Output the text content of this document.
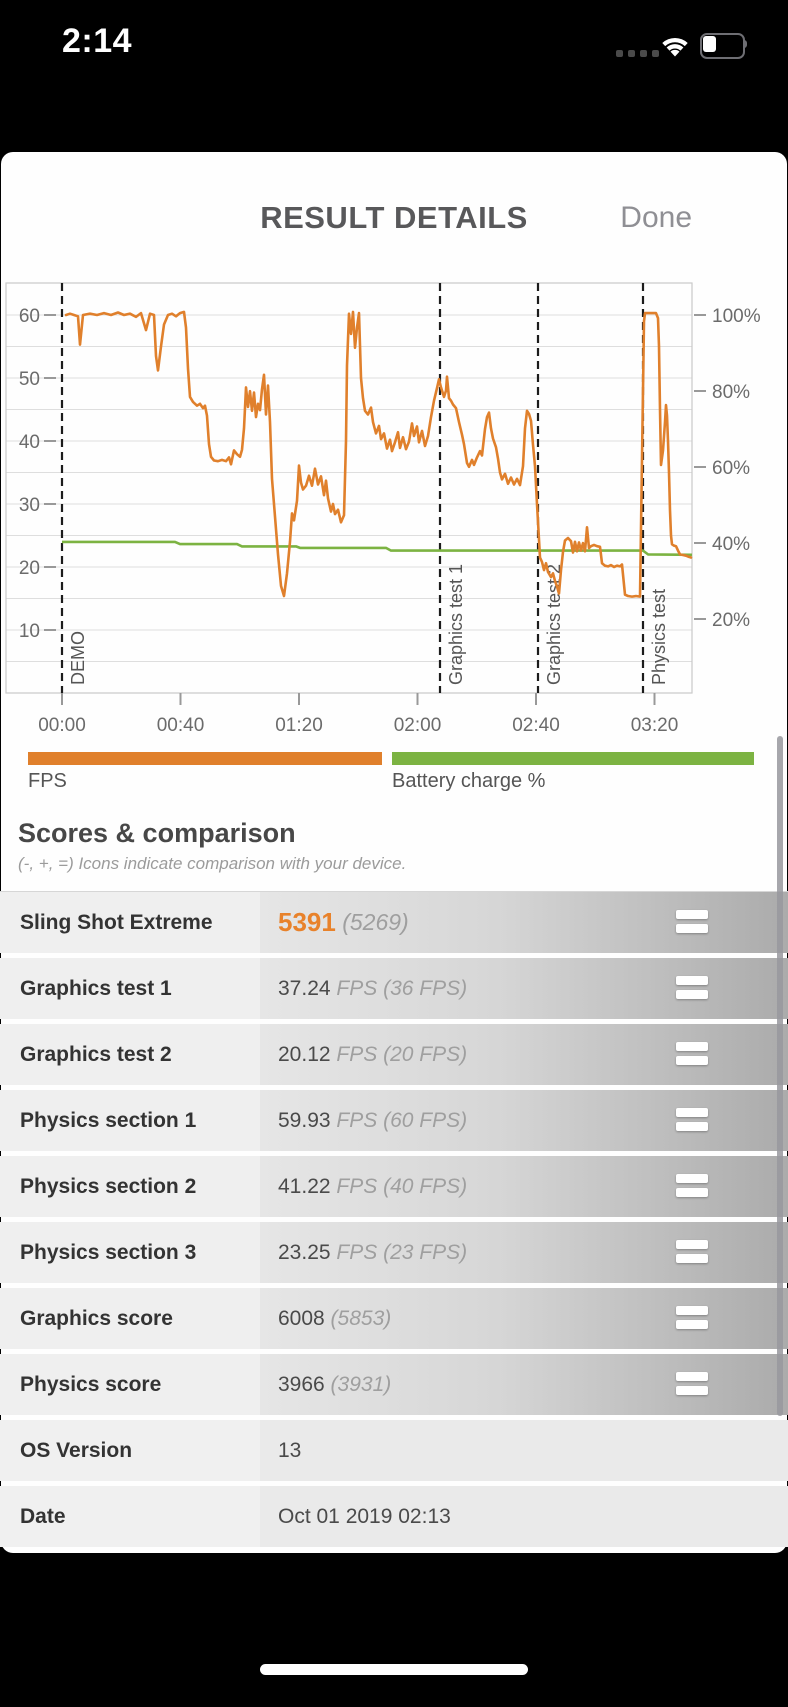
2:14
RESULT DETAILS	Done
60
50
40
30
20
10
100%
80%
60%
40%
20%
00:00	00:40	01:20	02:00	02:40	03:20
DEMO	Graphics test 1	Graphics test 2	Physics test
FPS	Battery charge %
Scores & comparison
(-, +, =) Icons indicate comparison with your device.
Sling Shot Extreme	5391 (5269)
Graphics test 1	37.24 FPS (36 FPS)
Graphics test 2	20.12 FPS (20 FPS)
Physics section 1	59.93 FPS (60 FPS)
Physics section 2	41.22 FPS (40 FPS)
Physics section 3	23.25 FPS (23 FPS)
Graphics score	6008 (5853)
Physics score	3966 (3931)
OS Version	13
Date	Oct 01 2019 02:13
